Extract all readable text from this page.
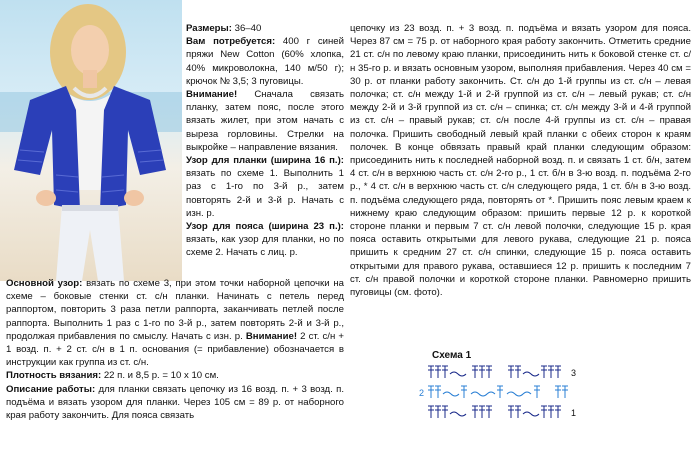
Размеры: 36–40

Вам потребуется: 400 г синей пряжи New Cotton (60% хлопка, 40% микроволокна, 140 м/50 г); крючок № 3,5; 3 пуговицы.

Внимание! Сначала связать планку, затем пояс, после этого вязать жилет, при этом начать с выреза горловины. Стрелки на выкройке – направление вязания.

Узор для планки (ширина 16 п.): вязать по схеме 1. Выполнить 1 раз с 1-го по 3-й р., затем повторять 2-й и 3-й р. Начать с изн. р.

Узор для пояса (ширина 23 п.): вязать, как узор для планки, но по схеме 2. Начать с лиц. р.

Основной узор: вязать по схеме 3, при этом точки наборной цепочки на схеме – боковые стенки ст. с/н планки. Начинать с петель перед раппортом, повторить 3 раза петли раппорта, заканчивать петлей после раппорта. Выполнить 1 раз с 1-го по 3-й р., затем повторять 2-й и 3-й р., продолжая прибавления по смыслу. Начать с изн. р. Внимание! 2 ст. с/н + 1 возд. п. + 2 ст. с/н в 1 п. основания (= прибавление) обозначается в инструкции как группа из ст. с/н.

Плотность вязания: 22 п. и 8,5 р. = 10 х 10 см.

Описание работы: для планки связать цепочку из 16 возд. п. + 3 возд. п. подъёма и вязать узором для планки. Через 105 см = 89 р. от наборного края работу закончить. Для пояса связать

цепочку из 23 возд. п. + 3 возд. п. подъёма и вязать узором для пояса. Через 87 см = 75 р. от наборного края работу закончить. Отметить средние 21 ст. с/н по левому краю планки, присоединить нить к боковой стенке ст. с/н 35-го р. и вязать основным узором, выполняя прибавления. Через 40 см = 30 р. от планки работу закончить. Ст. с/н до 1-й группы из ст. с/н – левая полочка; ст. с/н между 1-й и 2-й группой из ст. с/н – левый рукав; ст. с/н между 2-й и 3-й группой из ст. с/н – спинка; ст. с/н между 3-й и 4-й группой из ст. с/н – правый рукав; ст. с/н после 4-й группы из ст. с/н – правая полочка. Пришить свободный левый край планки с обеих сторон к краям полочек. В конце обвязать правый край планки следующим образом: присоединить нить к последней наборной возд. п. и связать 1 ст. б/н, затем 4 ст. с/н в верхнюю часть ст. с/н 2-го р., 1 ст. б/н в 3-ю возд. п. подъёма 2-го р., * 4 ст. с/н в верхнюю часть ст. с/н следующего ряда, 1 ст. б/н в 3-ю возд. п. подъёма следующего ряда, повторять от *. Пришить пояс левым краем к нижнему краю следующим образом: пришить первые 12 р. к короткой стороне планки и первым 7 ст. с/н левой полочки, следующие 15 р. края пояса оставить открытыми для левого рукава, следующие 21 р. пояса пришить к средним 27 ст. с/н спинки, следующие 15 р. пояса оставить открытыми для правого рукава, оставшиеся 12 р. пришить к последним 7 ст. с/н правой полочки и короткой стороне планки. Равномерно пришить пуговицы (см. фото).

Схема 1
3
2
1
